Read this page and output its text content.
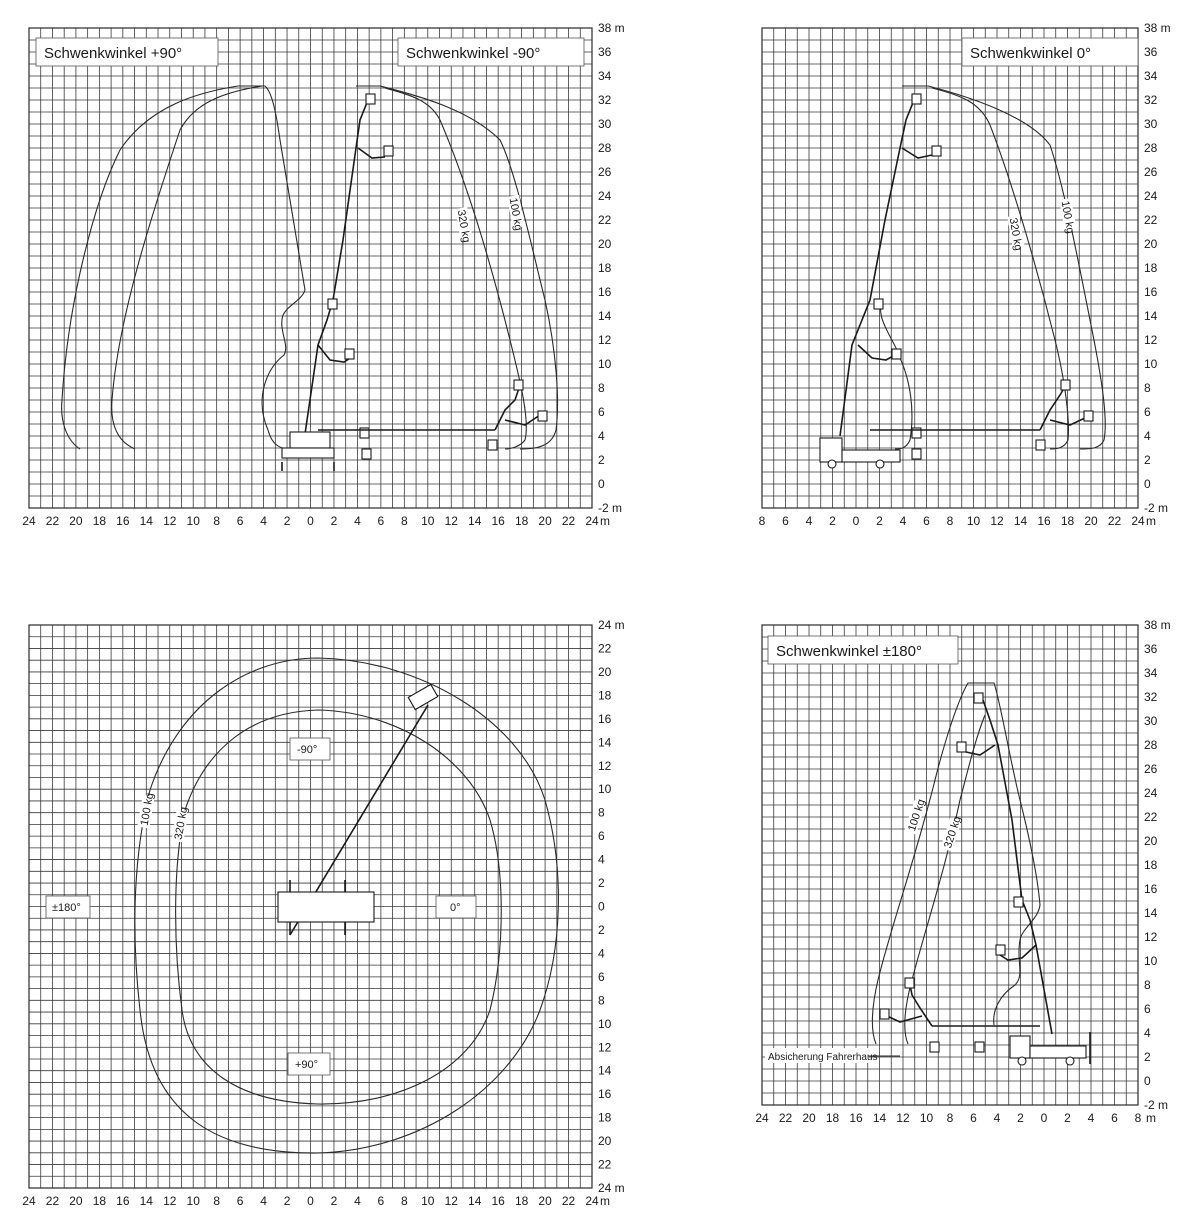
24 22 20 18 16 14 12 10 8 6 4 2 0 2 4 6 8 10 12 14 16 18 20 22 24 m
38 m
36
34
32
30
28
26
24
22
20
18
16
14
12
10
8
6
4
2
0
-2 m
Schwenkwinkel +90°	Schwenkwinkel -90°
320 kg	100 kg
8 6 4 2 0 2 4 6 8 10 12 14 16 18 20 22 24 m
38 m
36
34
32
30
28
26
24
22
20
18
16
14
12
10
8
6
4
2
0
-2 m
Schwenkwinkel 0°
320 kg	100 kg
24 22 20 18 16 14 12 10 8 6 4 2 0 2 4 6 8 10 12 14 16 18 20 22 24 m
24 m
22
20
18
16
14
12
10
8
6
4
2
0
2
4
6
8
10
12
14
16
18
20
22
24 m
-90°
±180°	0°
+90°
100 kg 320 kg
24 22 20 18 16 14 12 10 8 6 4 2 0 2 4 6 8 m
38 m
36
34
32
30
28
26
24
22
20
18
16
14
12
10
8
6
4
2
0
-2 m
Schwenkwinkel ±180°
100 kg 320 kg
Absicherung Fahrerhaus
